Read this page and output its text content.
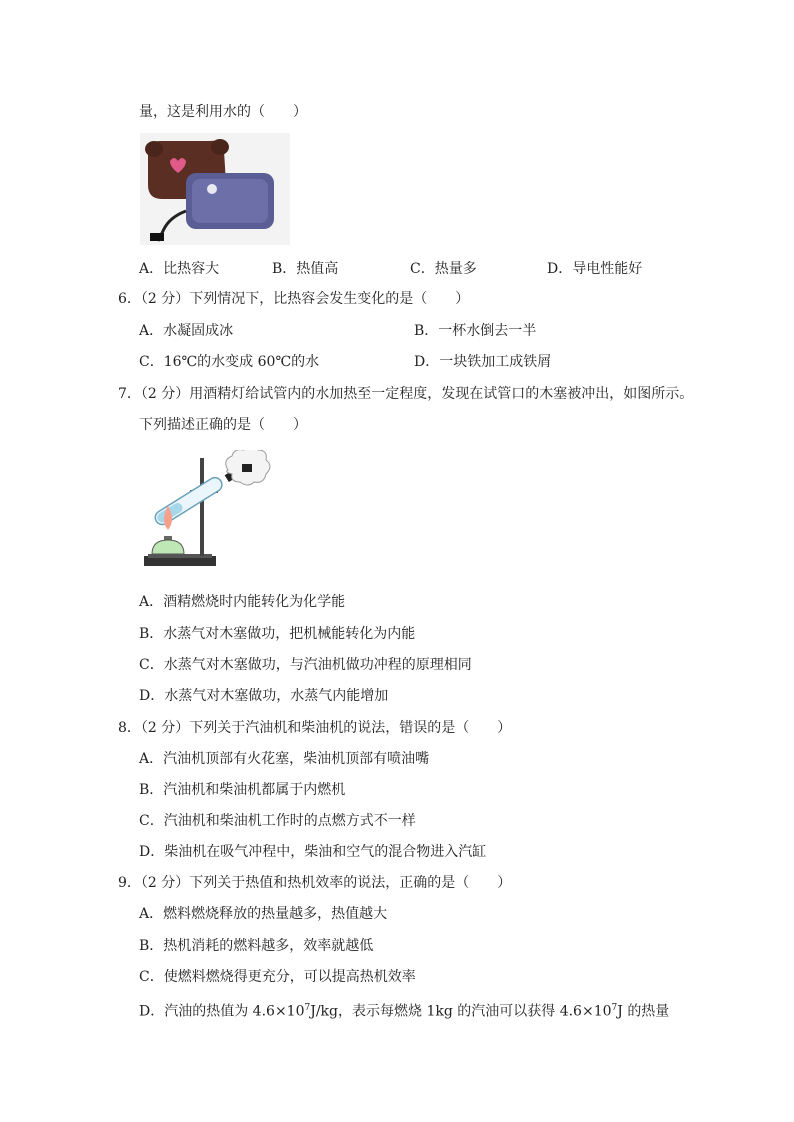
量，这是利用水的（　　）
A．比热容大	B．热值高	C．热量多	D．导电性能好
6．（2 分）下列情况下，比热容会发生变化的是（　　）
A．水凝固成冰	B．一杯水倒去一半
C．16℃的水变成 60℃的水	D．一块铁加工成铁屑
7．（2 分）用酒精灯给试管内的水加热至一定程度，发现在试管口的木塞被冲出，如图所示。
下列描述正确的是（　　）
A．酒精燃烧时内能转化为化学能
B．水蒸气对木塞做功，把机械能转化为内能
C．水蒸气对木塞做功，与汽油机做功冲程的原理相同
D．水蒸气对木塞做功，水蒸气内能增加
8．（2 分）下列关于汽油机和柴油机的说法，错误的是（　　）
A．汽油机顶部有火花塞，柴油机顶部有喷油嘴
B．汽油机和柴油机都属于内燃机
C．汽油机和柴油机工作时的点燃方式不一样
D．柴油机在吸气冲程中，柴油和空气的混合物进入汽缸
9．（2 分）下列关于热值和热机效率的说法，正确的是（　　）
A．燃料燃烧释放的热量越多，热值越大
B．热机消耗的燃料越多，效率就越低
C．使燃料燃烧得更充分，可以提高热机效率
D．汽油的热值为 $4.6\times 10^7J/kg$，表示每燃烧 1kg 的汽油可以获得 $4.6\times 10^7J$ 的热量
